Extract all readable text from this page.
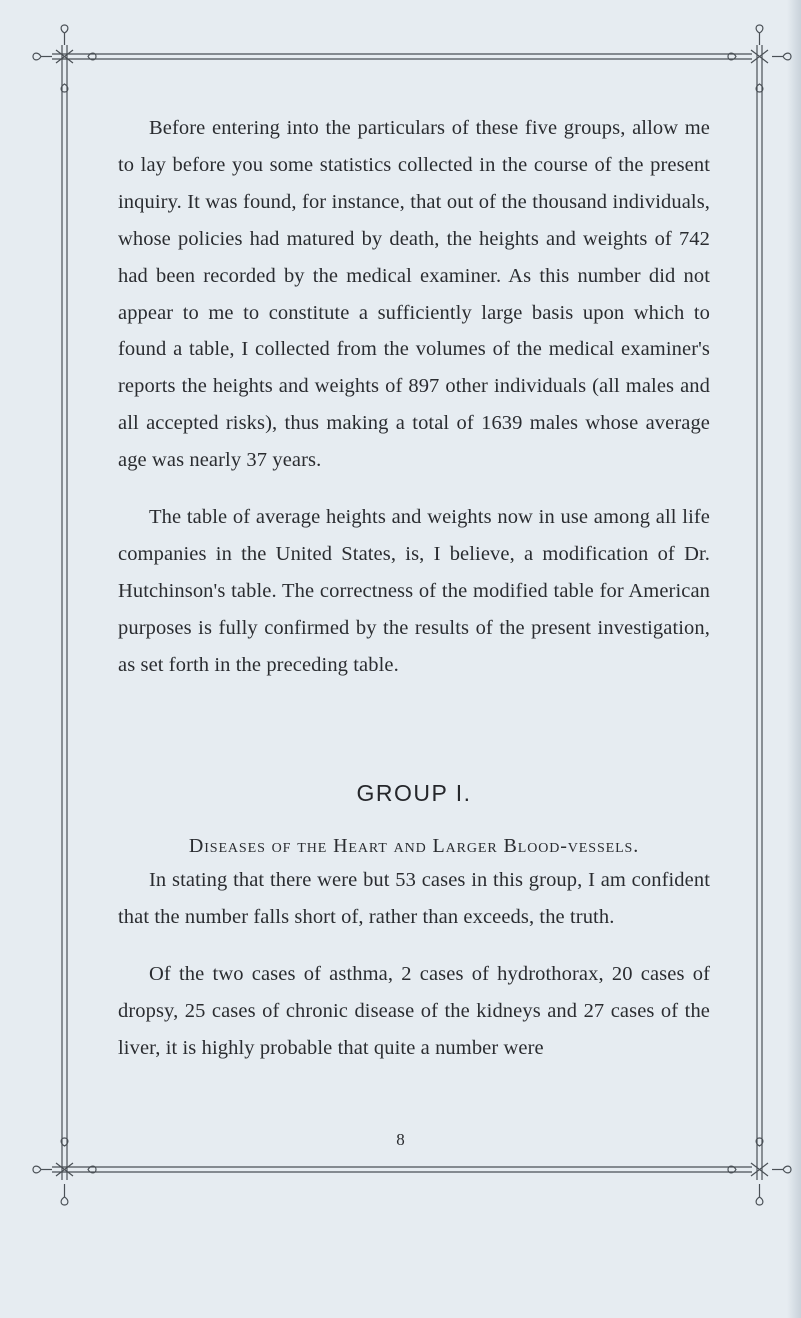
Before entering into the particulars of these five groups, allow me to lay before you some statistics collected in the course of the present inquiry. It was found, for instance, that out of the thousand individuals, whose policies had matured by death, the heights and weights of 742 had been recorded by the medical examiner. As this number did not appear to me to constitute a sufficiently large basis upon which to found a table, I collected from the volumes of the medical examiner's reports the heights and weights of 897 other individuals (all males and all accepted risks), thus making a total of 1639 males whose average age was nearly 37 years.

The table of average heights and weights now in use among all life companies in the United States, is, I believe, a modification of Dr. Hutchinson's table. The correctness of the modified table for American purposes is fully confirmed by the results of the present investigation, as set forth in the preceding table.

GROUP I.
Diseases of the Heart and Larger Blood-vessels.

In stating that there were but 53 cases in this group, I am confident that the number falls short of, rather than exceeds, the truth.

Of the two cases of asthma, 2 cases of hydrothorax, 20 cases of dropsy, 25 cases of chronic disease of the kidneys and 27 cases of the liver, it is highly probable that quite a number were

8
